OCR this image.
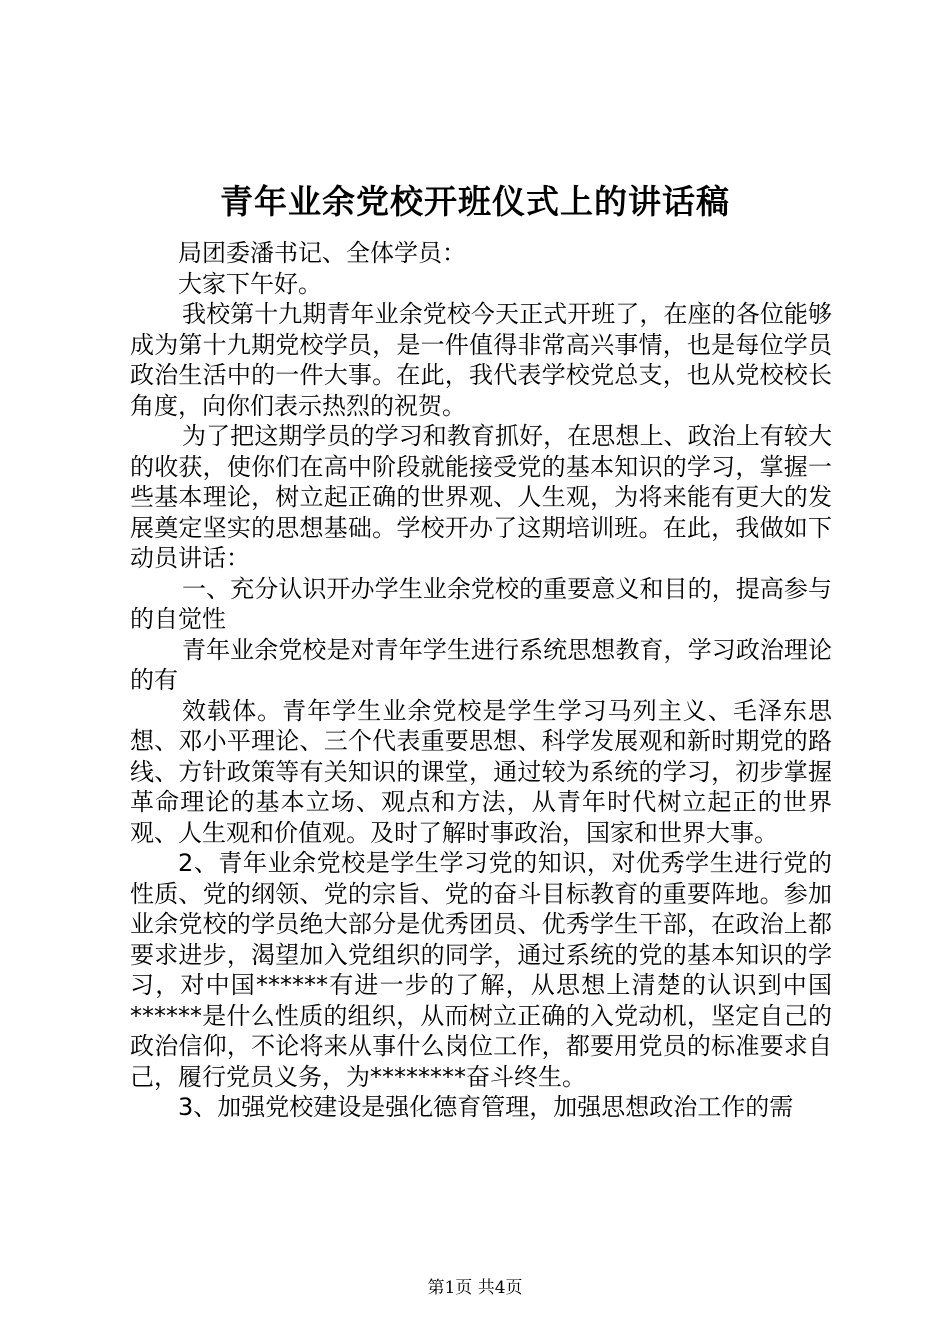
青年业余党校开班仪式上的讲话稿

局团委潘书记、全体学员：

大家下午好。

我校第十九期青年业余党校今天正式开班了，在座的各位能够成为第十九期党校学员，是一件值得非常高兴事情，也是每位学员政治生活中的一件大事。在此，我代表学校党总支，也从党校校长角度，向你们表示热烈的祝贺。

为了把这期学员的学习和教育抓好，在思想上、政治上有较大的收获，使你们在高中阶段就能接受党的基本知识的学习，掌握一些基本理论，树立起正确的世界观、人生观，为将来能有更大的发展奠定坚实的思想基础。学校开办了这期培训班。在此，我做如下动员讲话：

一、充分认识开办学生业余党校的重要意义和目的，提高参与的自觉性

青年业余党校是对青年学生进行系统思想教育，学习政治理论的有

效载体。青年学生业余党校是学生学习马列主义、毛泽东思想、邓小平理论、三个代表重要思想、科学发展观和新时期党的路线、方针政策等有关知识的课堂，通过较为系统的学习，初步掌握革命理论的基本立场、观点和方法，从青年时代树立起正的世界观、人生观和价值观。及时了解时事政治，国家和世界大事。

2、青年业余党校是学生学习党的知识，对优秀学生进行党的性质、党的纲领、党的宗旨、党的奋斗目标教育的重要阵地。参加业余党校的学员绝大部分是优秀团员、优秀学生干部，在政治上都要求进步，渴望加入党组织的同学，通过系统的党的基本知识的学习，对中国******有进一步的了解，从思想上清楚的认识到中国******是什么性质的组织，从而树立正确的入党动机，坚定自己的政治信仰，不论将来从事什么岗位工作，都要用党员的标准要求自己，履行党员义务，为********奋斗终生。

3、加强党校建设是强化德育管理，加强思想政治工作的需

第1页 共4页
